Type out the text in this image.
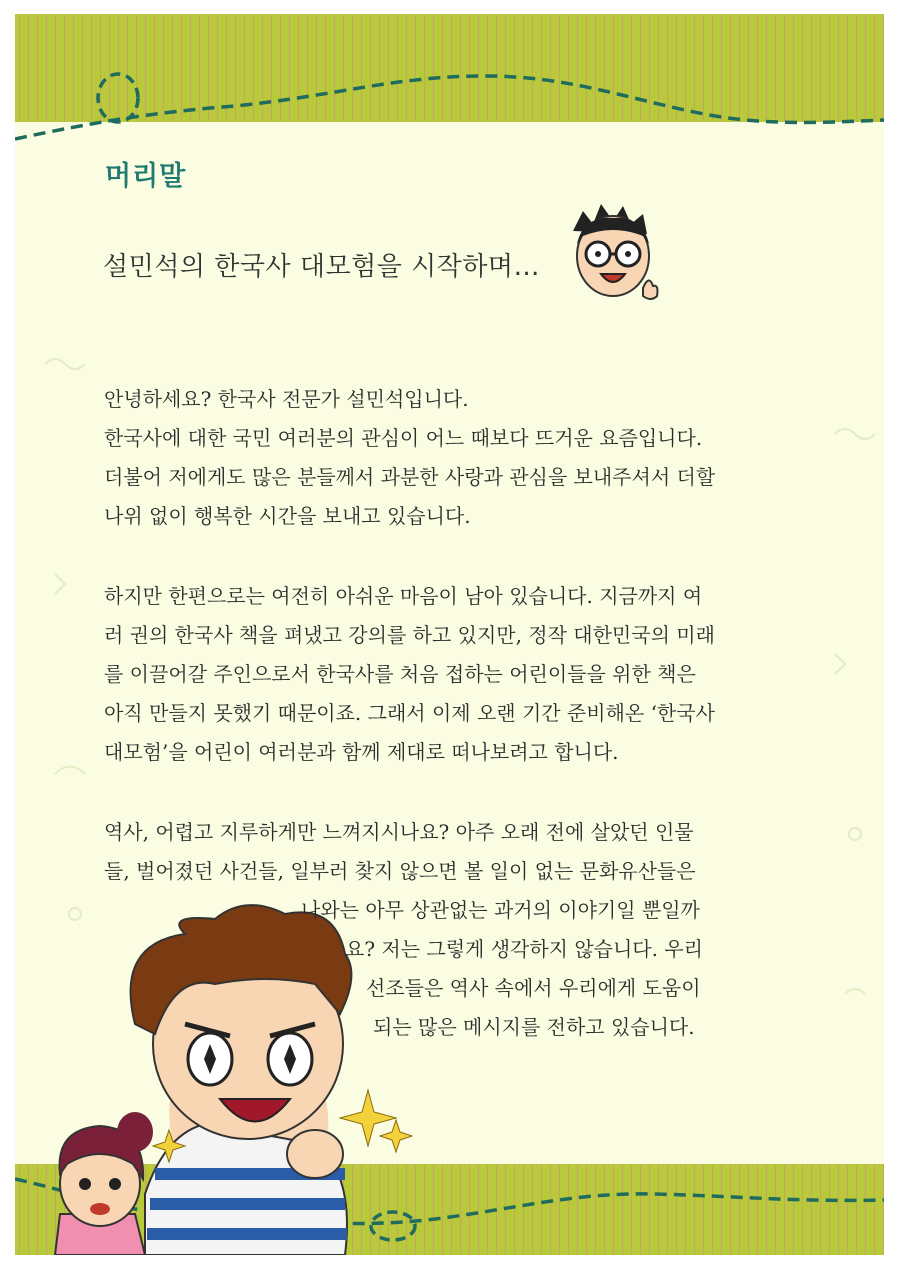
머리말
설민석의 한국사 대모험을 시작하며…

안녕하세요? 한국사 전문가 설민석입니다.

한국사에 대한 국민 여러분의 관심이 어느 때보다 뜨거운 요즘입니다.

더불어 저에게도 많은 분들께서 과분한 사랑과 관심을 보내주셔서 더할

나위 없이 행복한 시간을 보내고 있습니다.

하지만 한편으로는 여전히 아쉬운 마음이 남아 있습니다. 지금까지 여

러 권의 한국사 책을 펴냈고 강의를 하고 있지만, 정작 대한민국의 미래

를 이끌어갈 주인으로서 한국사를 처음 접하는 어린이들을 위한 책은

아직 만들지 못했기 때문이죠. 그래서 이제 오랜 기간 준비해온 ‘한국사

대모험’을 어린이 여러분과 함께 제대로 떠나보려고 합니다.

역사, 어렵고 지루하게만 느껴지시나요? 아주 오래 전에 살았던 인물

들, 벌어졌던 사건들, 일부러 찾지 않으면 볼 일이 없는 문화유산들은

나와는 아무 상관없는 과거의 이야기일 뿐일까

요? 저는 그렇게 생각하지 않습니다. 우리

선조들은 역사 속에서 우리에게 도움이

되는 많은 메시지를 전하고 있습니다.
